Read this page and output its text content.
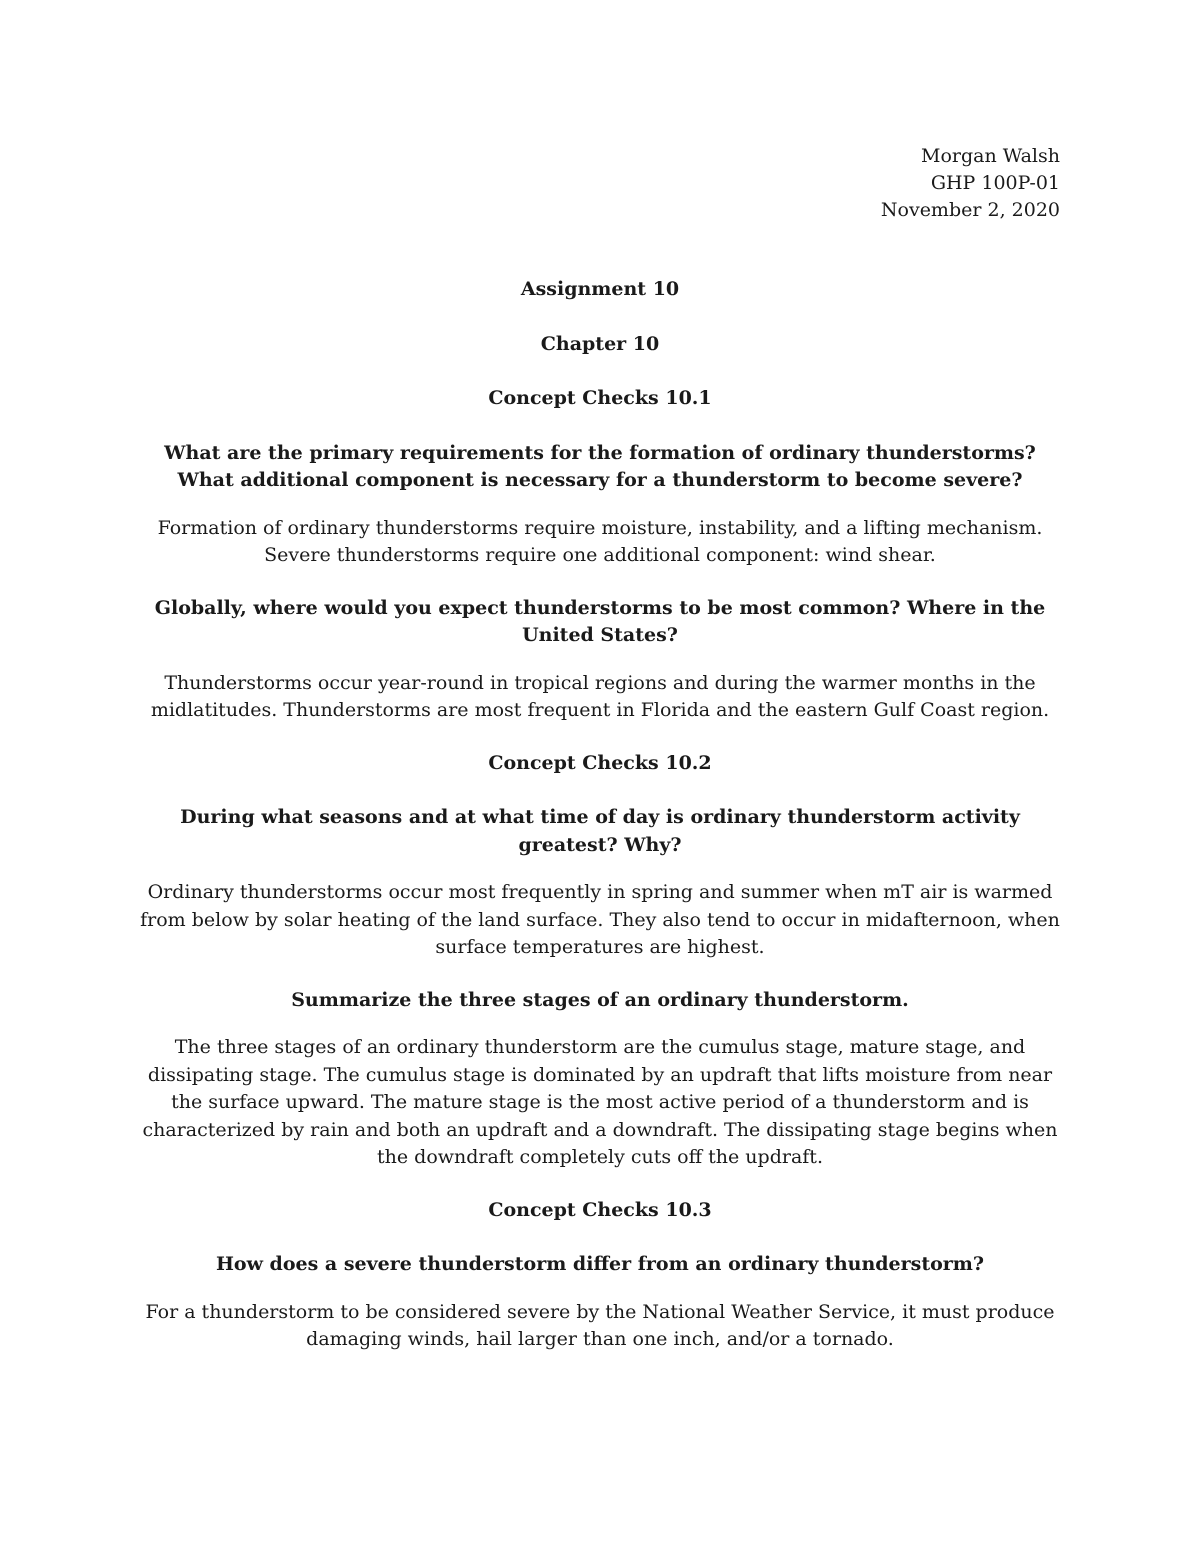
Morgan Walsh
GHP 100P-01
November 2, 2020
Assignment 10
Chapter 10
Concept Checks 10.1
What are the primary requirements for the formation of ordinary thunderstorms? What additional component is necessary for a thunderstorm to become severe?
Formation of ordinary thunderstorms require moisture, instability, and a lifting mechanism. Severe thunderstorms require one additional component: wind shear.
Globally, where would you expect thunderstorms to be most common? Where in the United States?
Thunderstorms occur year-round in tropical regions and during the warmer months in the midlatitudes. Thunderstorms are most frequent in Florida and the eastern Gulf Coast region.
Concept Checks 10.2
During what seasons and at what time of day is ordinary thunderstorm activity greatest? Why?
Ordinary thunderstorms occur most frequently in spring and summer when mT air is warmed from below by solar heating of the land surface. They also tend to occur in midafternoon, when surface temperatures are highest.
Summarize the three stages of an ordinary thunderstorm.
The three stages of an ordinary thunderstorm are the cumulus stage, mature stage, and dissipating stage. The cumulus stage is dominated by an updraft that lifts moisture from near the surface upward. The mature stage is the most active period of a thunderstorm and is characterized by rain and both an updraft and a downdraft. The dissipating stage begins when the downdraft completely cuts off the updraft.
Concept Checks 10.3
How does a severe thunderstorm differ from an ordinary thunderstorm?
For a thunderstorm to be considered severe by the National Weather Service, it must produce damaging winds, hail larger than one inch, and/or a tornado.
